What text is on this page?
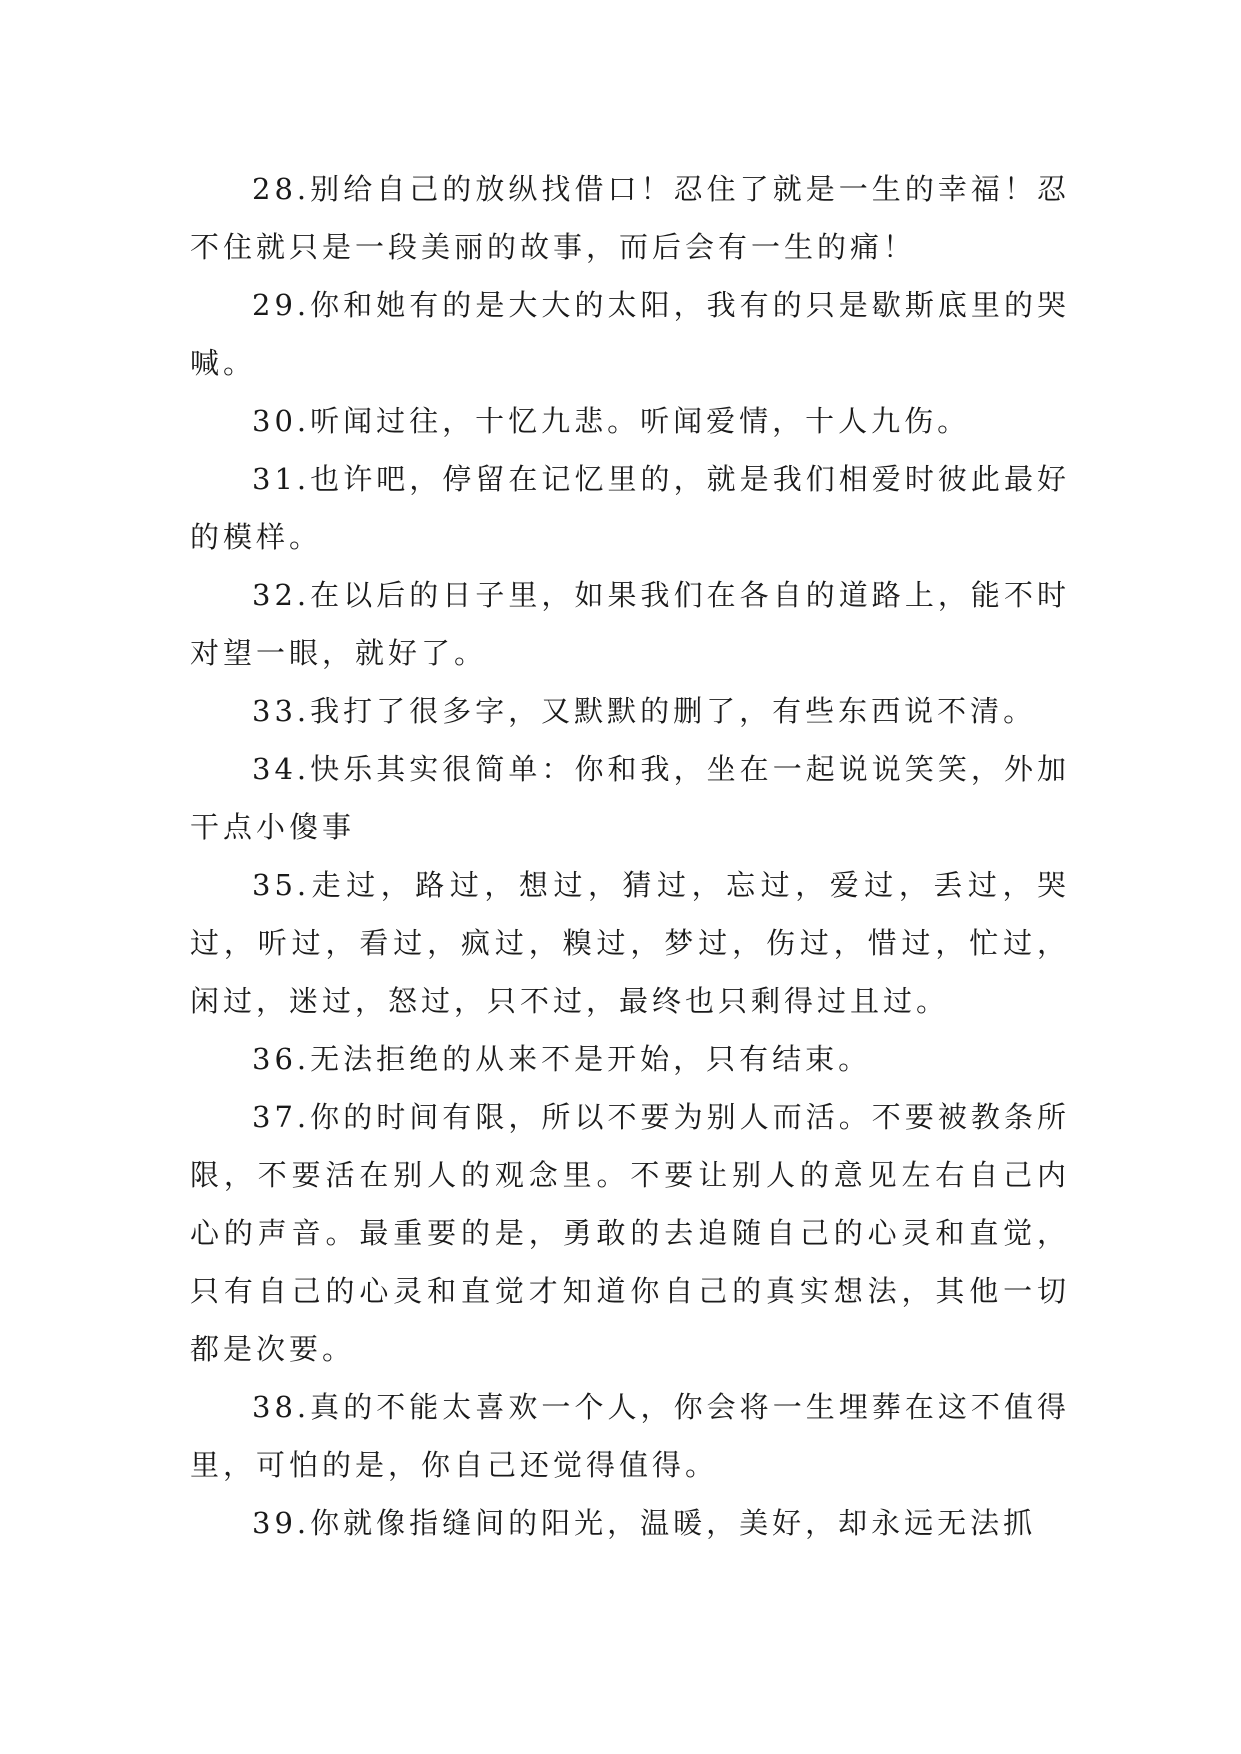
28.别给自己的放纵找借口！忍住了就是一生的幸福！忍不住就只是一段美丽的故事，而后会有一生的痛！

29.你和她有的是大大的太阳，我有的只是歇斯底里的哭喊。

30.听闻过往，十忆九悲。听闻爱情，十人九伤。

31.也许吧，停留在记忆里的，就是我们相爱时彼此最好的模样。

32.在以后的日子里，如果我们在各自的道路上，能不时对望一眼，就好了。

33.我打了很多字，又默默的删了，有些东西说不清。

34.快乐其实很简单：你和我，坐在一起说说笑笑，外加干点小傻事

35.走过，路过，想过，猜过，忘过，爱过，丢过，哭过，听过，看过，疯过，糗过，梦过，伤过，惜过，忙过，闲过，迷过，怒过，只不过，最终也只剩得过且过。

36.无法拒绝的从来不是开始，只有结束。

37.你的时间有限，所以不要为别人而活。不要被教条所限，不要活在别人的观念里。不要让别人的意见左右自己内心的声音。最重要的是，勇敢的去追随自己的心灵和直觉，只有自己的心灵和直觉才知道你自己的真实想法，其他一切都是次要。

38.真的不能太喜欢一个人，你会将一生埋葬在这不值得里，可怕的是，你自己还觉得值得。

39.你就像指缝间的阳光，温暖，美好，却永远无法抓
